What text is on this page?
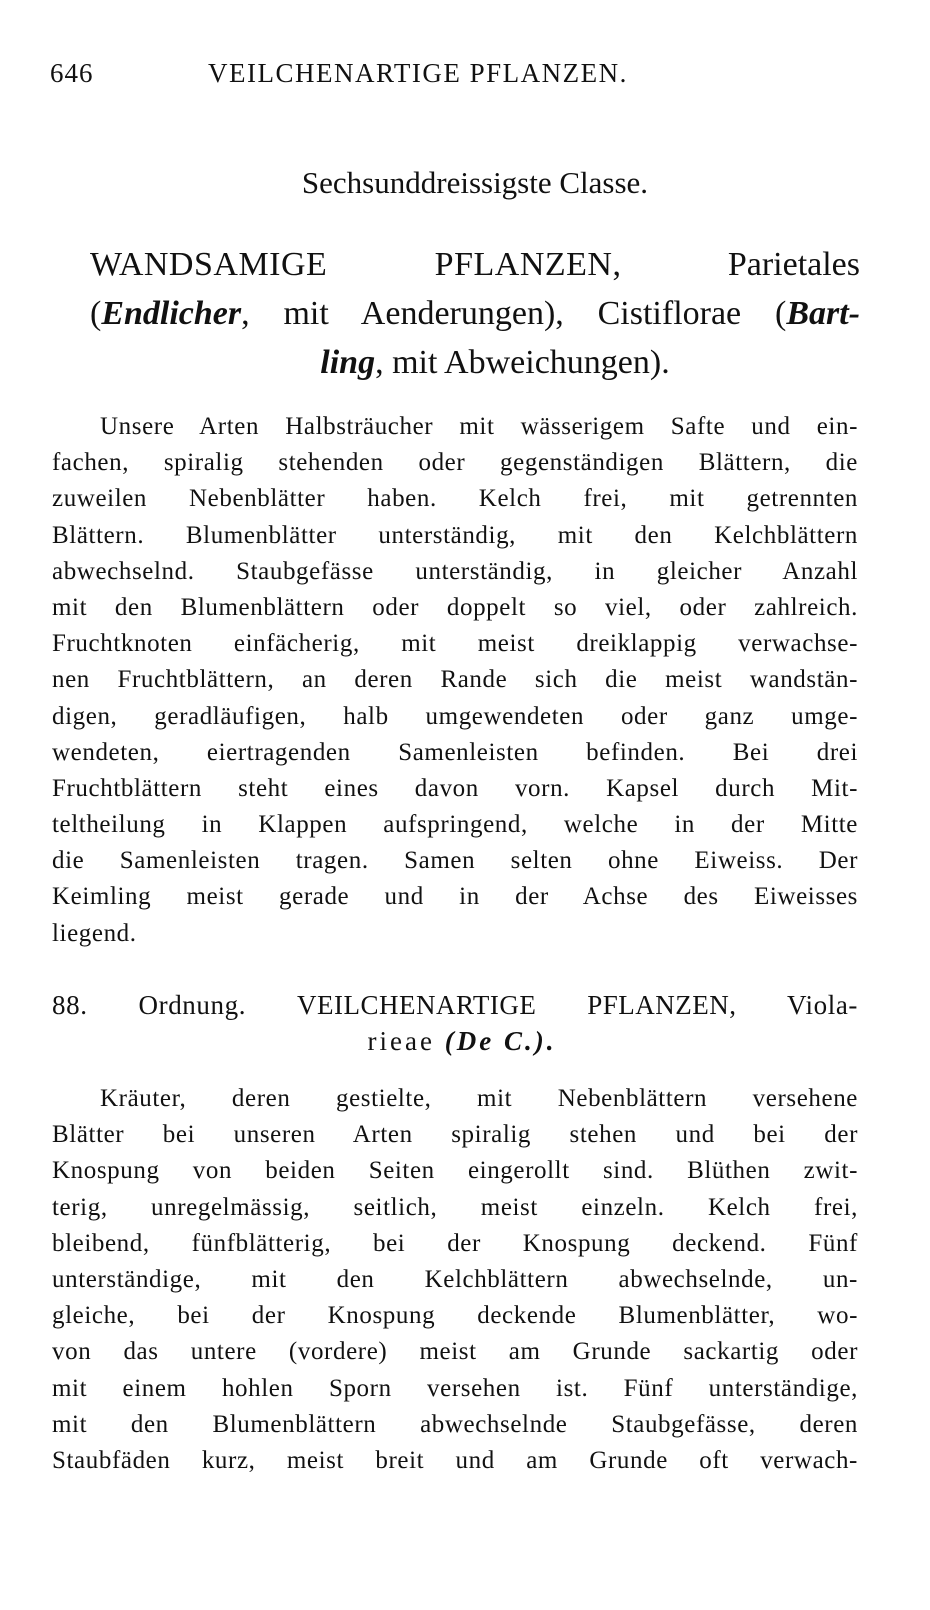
646	VEILCHENARTIGE PFLANZEN.
Sechsunddreissigste Classe.
WANDSAMIGE PFLANZEN, Parietales
(Endlicher, mit Aenderungen), Cistiflorae (Bart-
ling, mit Abweichungen).
Unsere Arten Halbsträucher mit wässerigem Safte und ein-
fachen, spiralig stehenden oder gegenständigen Blättern, die
zuweilen Nebenblätter haben. Kelch frei, mit getrennten
Blättern. Blumenblätter unterständig, mit den Kelchblättern
abwechselnd. Staubgefässe unterständig, in gleicher Anzahl
mit den Blumenblättern oder doppelt so viel, oder zahlreich.
Fruchtknoten einfächerig, mit meist dreiklappig verwachse-
nen Fruchtblättern, an deren Rande sich die meist wandstän-
digen, geradläufigen, halb umgewendeten oder ganz umge-
wendeten, eiertragenden Samenleisten befinden. Bei drei
Fruchtblättern steht eines davon vorn. Kapsel durch Mit-
teltheilung in Klappen aufspringend, welche in der Mitte
die Samenleisten tragen. Samen selten ohne Eiweiss. Der
Keimling meist gerade und in der Achse des Eiweisses
liegend.
88. Ordnung. VEILCHENARTIGE PFLANZEN, Viola-
rieae (De C.).
Kräuter, deren gestielte, mit Nebenblättern versehene
Blätter bei unseren Arten spiralig stehen und bei der
Knospung von beiden Seiten eingerollt sind. Blüthen zwit-
terig, unregelmässig, seitlich, meist einzeln. Kelch frei,
bleibend, fünfblätterig, bei der Knospung deckend. Fünf
unterständige, mit den Kelchblättern abwechselnde, un-
gleiche, bei der Knospung deckende Blumenblätter, wo-
von das untere (vordere) meist am Grunde sackartig oder
mit einem hohlen Sporn versehen ist. Fünf unterständige,
mit den Blumenblättern abwechselnde Staubgefässe, deren
Staubfäden kurz, meist breit und am Grunde oft verwach-
